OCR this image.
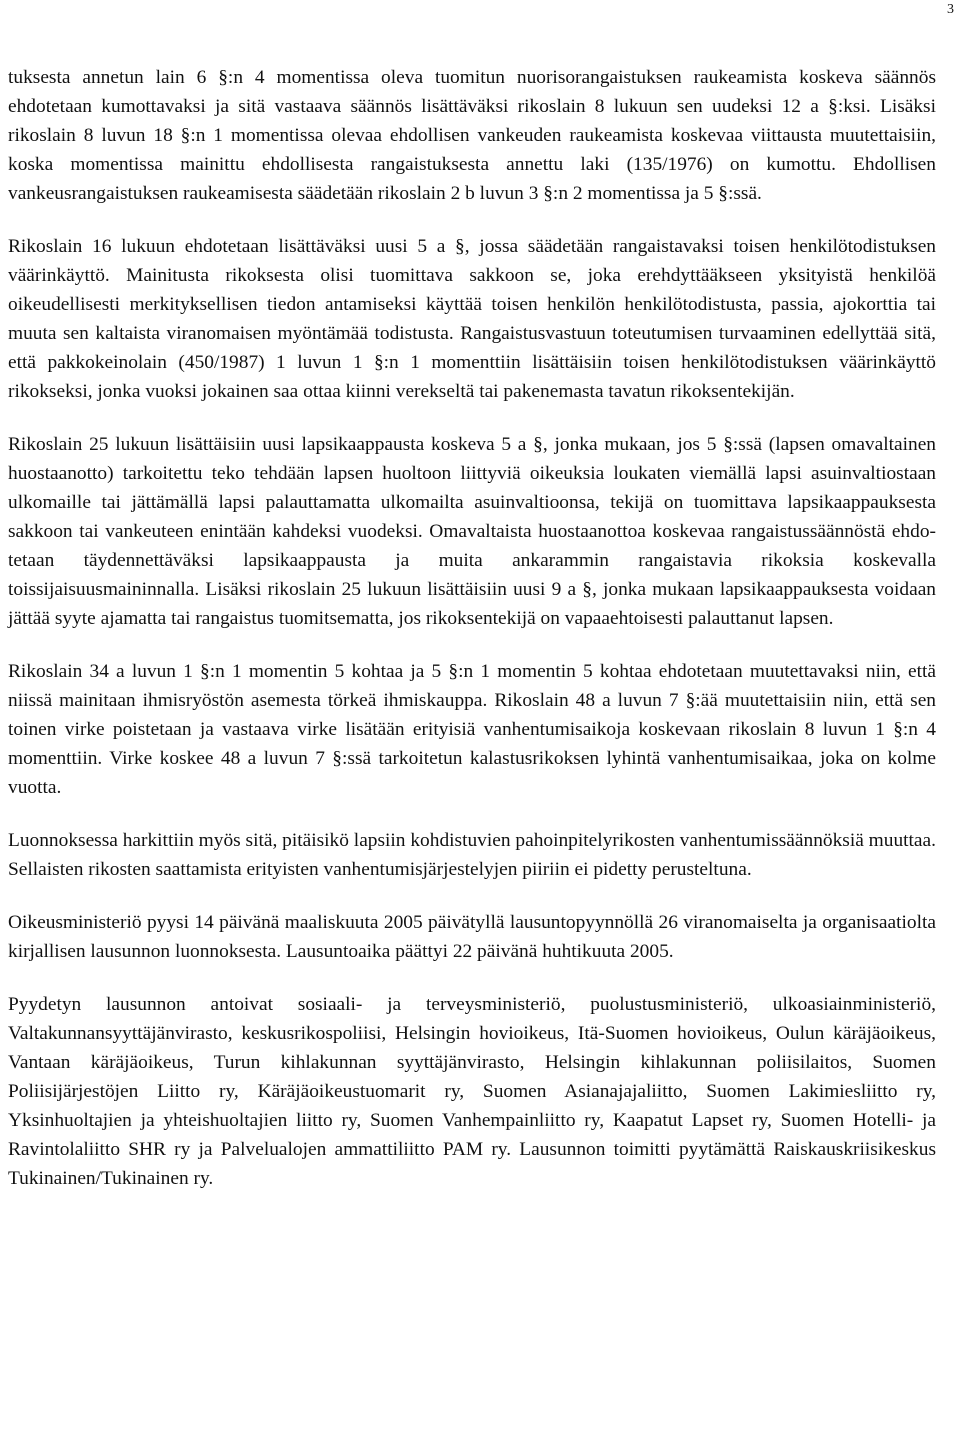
3

tuksesta annetun lain 6 §:n 4 momentissa oleva tuomitun nuorisorangaistuksen raukeamista koskeva säännös ehdotetaan kumottavaksi ja sitä vastaava säännös lisättäväksi rikoslain 8 lukuun sen uudeksi 12 a §:ksi. Lisäksi rikoslain 8 luvun 18 §:n 1 momentissa olevaa ehdollisen vankeuden raukeamista koskevaa viittausta muutettaisiin, koska momentissa mainittu ehdollisesta rangaistuksesta annettu laki (135/1976) on kumottu. Ehdollisen vankeusrangaistuksen raukeamisesta säädetään rikoslain 2 b luvun 3 §:n 2 momentissa ja 5 §:ssä.

Rikoslain 16 lukuun ehdotetaan lisättäväksi uusi 5 a §, jossa säädetään rangaistavaksi toisen henkilötodistuksen väärinkäyttö. Mainitusta rikoksesta olisi tuomittava sakkoon se, joka erehdyttääkseen yksityistä henkilöä oikeudellisesti merkityksellisen tiedon antamiseksi käyttää toisen henkilön henkilötodistusta, passia, ajokorttia tai muuta sen kaltaista viranomaisen myöntämää todistusta. Rangaistusvastuun toteutumisen turvaaminen edellyttää sitä, että pakkokeinolain (450/1987) 1 luvun 1 §:n 1 momenttiin lisättäisiin toisen henkilötodistuksen väärinkäyttö rikokseksi, jonka vuoksi jokainen saa ottaa kiinni verekseltä tai pakenemasta tavatun rikoksentekijän.

Rikoslain 25 lukuun lisättäisiin uusi lapsikaappausta koskeva 5 a §, jonka mukaan, jos 5 §:ssä (lapsen omavaltainen huostaanotto) tarkoitettu teko tehdään lapsen huoltoon liittyviä oikeuksia loukaten viemällä lapsi asuinvaltiostaan ulkomaille tai jättämällä lapsi palauttamatta ulkomailta asuinvaltioonsa, tekijä on tuomittava lapsikaappauksesta sakkoon tai vankeuteen enintään kahdeksi vuodeksi. Omavaltaista huostaanottoa koskevaa rangaistussäännöstä ehdotetaan täydennettäväksi lapsikaappausta ja muita ankarammin rangaistavia rikoksia koskevalla toissijaisuusmaininnalla. Lisäksi rikoslain 25 lukuun lisättäisiin uusi 9 a §, jonka mukaan lapsikaappauksesta voidaan jättää syyte ajamatta tai rangaistus tuomitsematta, jos rikoksentekijä on vapaaehtoisesti palauttanut lapsen.

Rikoslain 34 a luvun 1 §:n 1 momentin 5 kohtaa ja 5 §:n 1 momentin 5 kohtaa ehdotetaan muutettavaksi niin, että niissä mainitaan ihmisryöstön asemesta törkeä ihmiskauppa. Rikoslain 48 a luvun 7 §:ää muutettaisiin niin, että sen toinen virke poistetaan ja vastaava virke lisätään erityisiä vanhentumisaikoja koskevaan rikoslain 8 luvun 1 §:n 4 momenttiin. Virke koskee 48 a luvun 7 §:ssä tarkoitetun kalastusrikoksen lyhintä vanhentumisaikaa, joka on kolme vuotta.

Luonnoksessa harkittiin myös sitä, pitäisikö lapsiin kohdistuvien pahoinpitelyrikosten vanhentumissäännöksiä muuttaa. Sellaisten rikosten saattamista erityisten vanhentumisjärjestelyjen piiriin ei pidetty perusteltuna.

Oikeusministeriö pyysi 14 päivänä maaliskuuta 2005 päivätyllä lausuntopyynnöllä 26 viranomaiselta ja organisaatiolta kirjallisen lausunnon luonnoksesta. Lausuntoaika päättyi 22 päivänä huhtikuuta 2005.

Pyydetyn lausunnon antoivat sosiaali- ja terveysministeriö, puolustusministeriö, ulkoasiainministeriö, Valtakunnansyyttäjänvirasto, keskusrikospoliisi, Helsingin hovioikeus, Itä-Suomen hovioikeus, Oulun käräjäoikeus, Vantaan käräjäoikeus, Turun kihlakunnan syyttäjänvirasto, Helsingin kihlakunnan poliisilaitos, Suomen Poliisijärjestöjen Liitto ry, Käräjäoikeustuomarit ry, Suomen Asianajajaliitto, Suomen Lakimiesliitto ry, Yksinhuoltajien ja yhteishuoltajien liitto ry, Suomen Vanhempainliitto ry, Kaapatut Lapset ry, Suomen Hotelli- ja Ravintolaliitto SHR ry ja Palvelualojen ammattiliitto PAM ry. Lausunnon toimitti pyytämättä Raiskauskriisikeskus Tukinainen/Tukinainen ry.
